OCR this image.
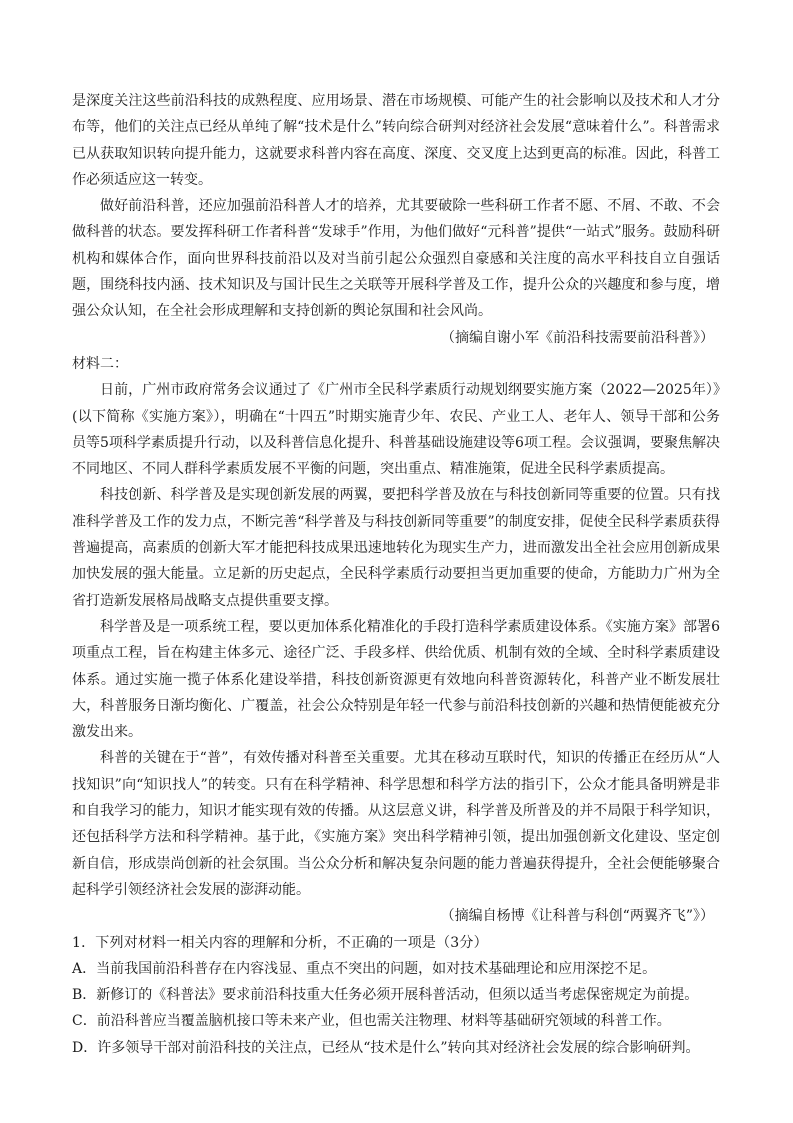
是深度关注这些前沿科技的成熟程度、应用场景、潜在市场规模、可能产生的社会影响以及技术和人才分布等，他们的关注点已经从单纯了解“技术是什么”转向综合研判对经济社会发展“意味着什么”。科普需求已从获取知识转向提升能力，这就要求科普内容在高度、深度、交叉度上达到更高的标准。因此，科普工作必须适应这一转变。

做好前沿科普，还应加强前沿科普人才的培养，尤其要破除一些科研工作者不愿、不屑、不敢、不会做科普的状态。要发挥科研工作者科普“发球手”作用，为他们做好“元科普”提供“一站式”服务。鼓励科研机构和媒体合作，面向世界科技前沿以及对当前引起公众强烈自豪感和关注度的高水平科技自立自强话题，围绕科技内涵、技术知识及与国计民生之关联等开展科学普及工作，提升公众的兴趣度和参与度，增强公众认知，在全社会形成理解和支持创新的舆论氛围和社会风尚。

（摘编自谢小军《前沿科技需要前沿科普》）

材料二：

日前，广州市政府常务会议通过了《广州市全民科学素质行动规划纲要实施方案（2022—2025年）》(以下简称《实施方案》），明确在“十四五”时期实施青少年、农民、产业工人、老年人、领导干部和公务员等5项科学素质提升行动，以及科普信息化提升、科普基础设施建设等6项工程。会议强调，要聚焦解决不同地区、不同人群科学素质发展不平衡的问题，突出重点、精准施策，促进全民科学素质提高。

科技创新、科学普及是实现创新发展的两翼，要把科学普及放在与科技创新同等重要的位置。只有找准科学普及工作的发力点，不断完善“科学普及与科技创新同等重要”的制度安排，促使全民科学素质获得普遍提高，高素质的创新大军才能把科技成果迅速地转化为现实生产力，进而激发出全社会应用创新成果加快发展的强大能量。立足新的历史起点，全民科学素质行动要担当更加重要的使命，方能助力广州为全省打造新发展格局战略支点提供重要支撑。

科学普及是一项系统工程，要以更加体系化精准化的手段打造科学素质建设体系。《实施方案》部署6项重点工程，旨在构建主体多元、途径广泛、手段多样、供给优质、机制有效的全域、全时科学素质建设体系。通过实施一揽子体系化建设举措，科技创新资源更有效地向科普资源转化，科普产业不断发展壮大，科普服务日渐均衡化、广覆盖，社会公众特别是年轻一代参与前沿科技创新的兴趣和热情便能被充分激发出来。

科普的关键在于“普”，有效传播对科普至关重要。尤其在移动互联时代，知识的传播正在经历从“人找知识”向“知识找人”的转变。只有在科学精神、科学思想和科学方法的指引下，公众才能具备明辨是非和自我学习的能力，知识才能实现有效的传播。从这层意义讲，科学普及所普及的并不局限于科学知识，还包括科学方法和科学精神。基于此，《实施方案》突出科学精神引领，提出加强创新文化建设、坚定创新自信，形成崇尚创新的社会氛围。当公众分析和解决复杂问题的能力普遍获得提升，全社会便能够聚合起科学引领经济社会发展的澎湃动能。

（摘编自杨博《让科普与科创“两翼齐飞”》）

1．下列对材料一相关内容的理解和分析，不正确的一项是（3分）

A．当前我国前沿科普存在内容浅显、重点不突出的问题，如对技术基础理论和应用深挖不足。

B．新修订的《科普法》要求前沿科技重大任务必须开展科普活动，但须以适当考虑保密规定为前提。

C．前沿科普应当覆盖脑机接口等未来产业，但也需关注物理、材料等基础研究领域的科普工作。

D．许多领导干部对前沿科技的关注点，已经从“技术是什么”转向其对经济社会发展的综合影响研判。
